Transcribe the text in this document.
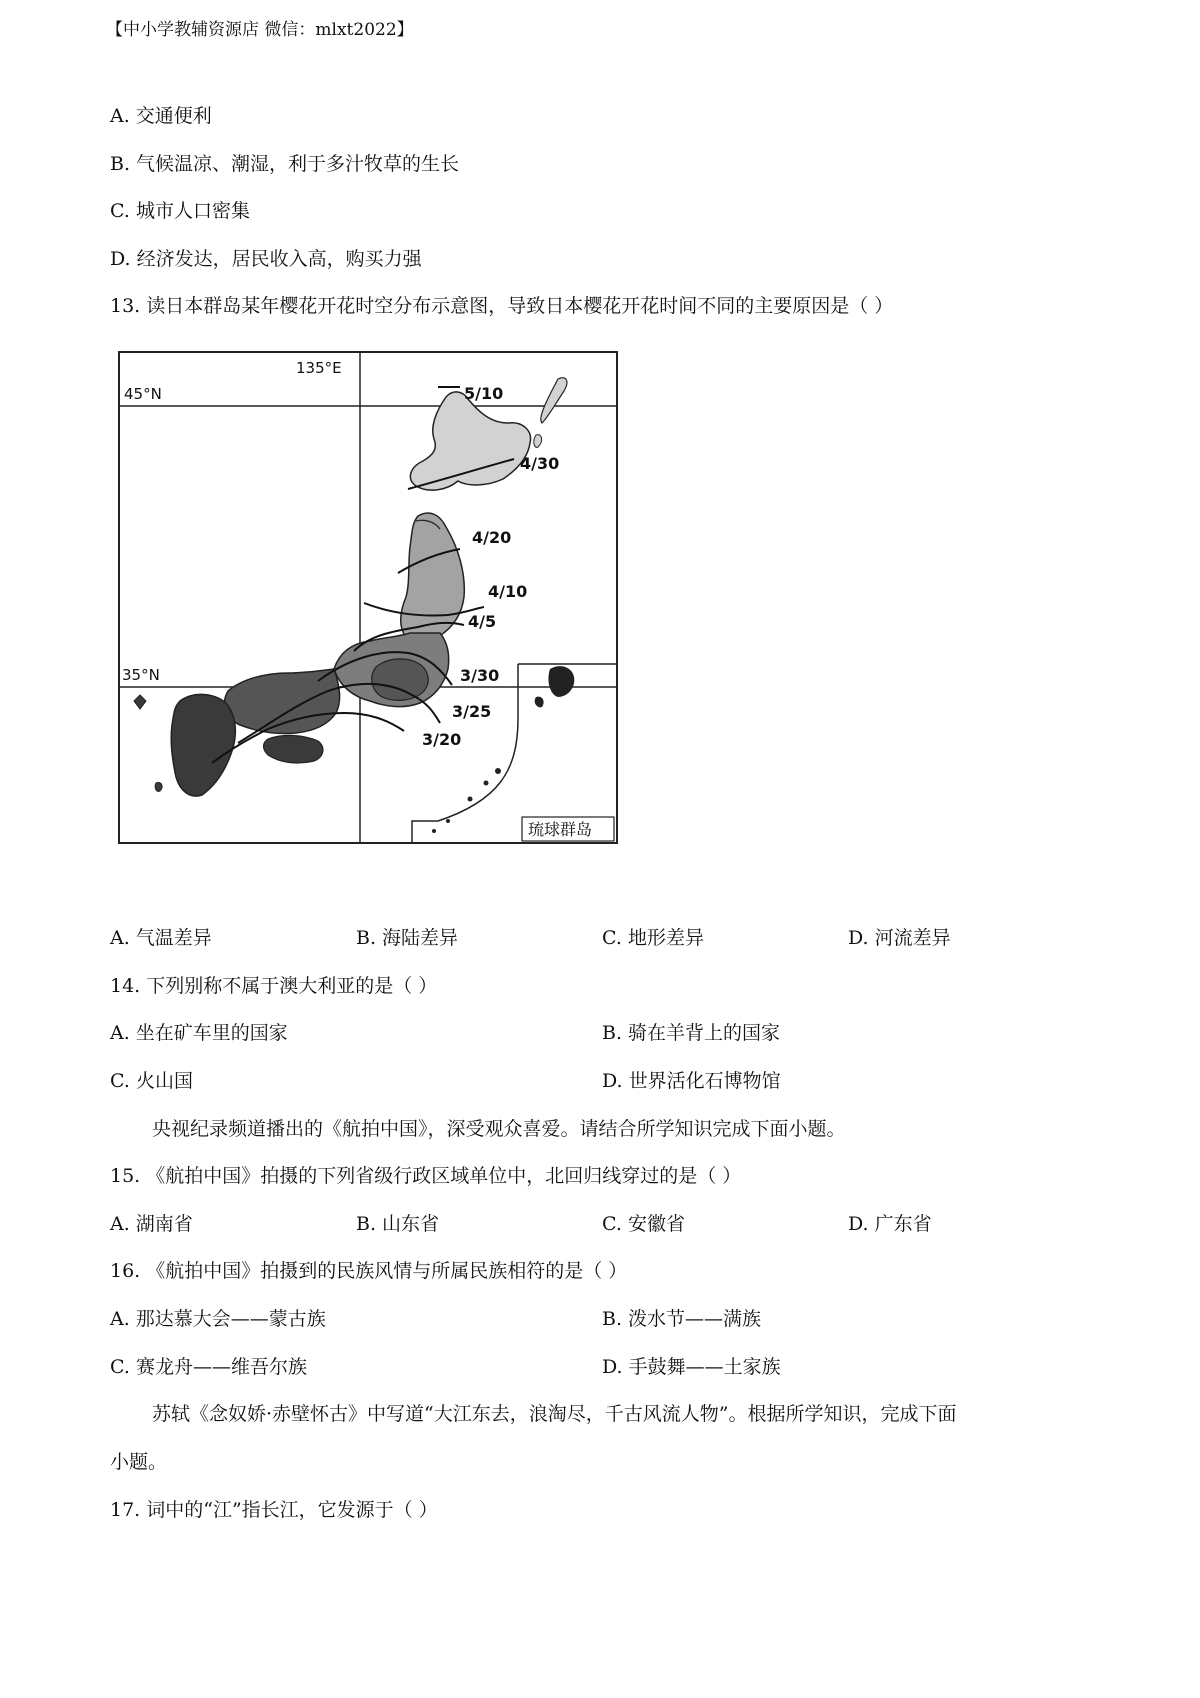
【中小学教辅资源店 微信：mlxt2022】
A. 交通便利
B. 气候温凉、潮湿，利于多汁牧草的生长
C. 城市人口密集
D. 经济发达，居民收入高，购买力强
13. 读日本群岛某年樱花开花时空分布示意图，导致日本樱花开花时间不同的主要原因是（ ）
135°E
45°N
35°N
5/10
4/30
4/20
4/10
4/5
3/30
3/25
3/20
琉球群岛
A. 气温差异	B. 海陆差异	C. 地形差异	D. 河流差异
14. 下列别称不属于澳大利亚的是（ ）
A. 坐在矿车里的国家	B. 骑在羊背上的国家
C. 火山国	D. 世界活化石博物馆
央视纪录频道播出的《航拍中国》，深受观众喜爱。请结合所学知识完成下面小题。
15. 《航拍中国》拍摄的下列省级行政区域单位中，北回归线穿过的是（ ）
A. 湖南省	B. 山东省	C. 安徽省	D. 广东省
16. 《航拍中国》拍摄到的民族风情与所属民族相符的是（ ）
A. 那达慕大会——蒙古族	B. 泼水节——满族
C. 赛龙舟——维吾尔族	D. 手鼓舞——土家族
苏轼《念奴娇·赤壁怀古》中写道“大江东去，浪淘尽，千古风流人物”。根据所学知识，完成下面
小题。
17. 词中的“江”指长江，它发源于（ ）
